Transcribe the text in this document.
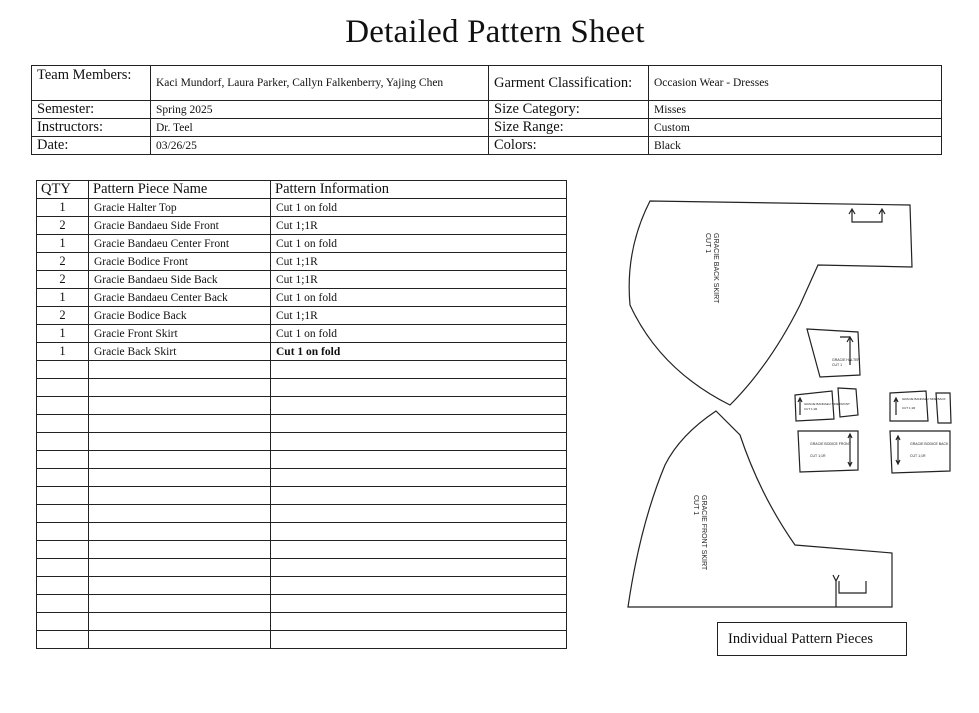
Detailed Pattern Sheet
Team Members:	Kaci Mundorf, Laura Parker, Callyn Falkenberry, Yajing Chen	Garment Classification:	Occasion Wear - Dresses
Semester:	Spring 2025	Size Category:	Misses
Instructors:	Dr. Teel	Size Range:	Custom
Date:	03/26/25	Colors:	Black
QTY	Pattern Piece Name	Pattern Information
1	Gracie Halter Top	Cut 1 on fold
2	Gracie Bandaeu Side Front	Cut 1;1R
1	Gracie Bandaeu Center Front	Cut 1 on fold
2	Gracie Bodice Front	Cut 1;1R
2	Gracie Bandaeu Side Back	Cut 1;1R
1	Gracie Bandaeu Center Back	Cut 1 on fold
2	Gracie Bodice Back	Cut 1;1R
1	Gracie Front Skirt	Cut 1 on fold
1	Gracie Back Skirt	Cut 1 on fold

GRACIE BACK SKIRT
CUT 1
GRACIE FRONT SKIRT
CUT 1
GRACIE HALTER
CUT 1
GRACIE BANDAEU SIDE FRONT
CUT 1;1R
GRACIE BODICE FRONT
CUT 1;1R
GRACIE BANDAEU SIDE BACK
CUT 1;1R
GRACIE BODICE BACK
CUT 1;1R
Individual Pattern Pieces
